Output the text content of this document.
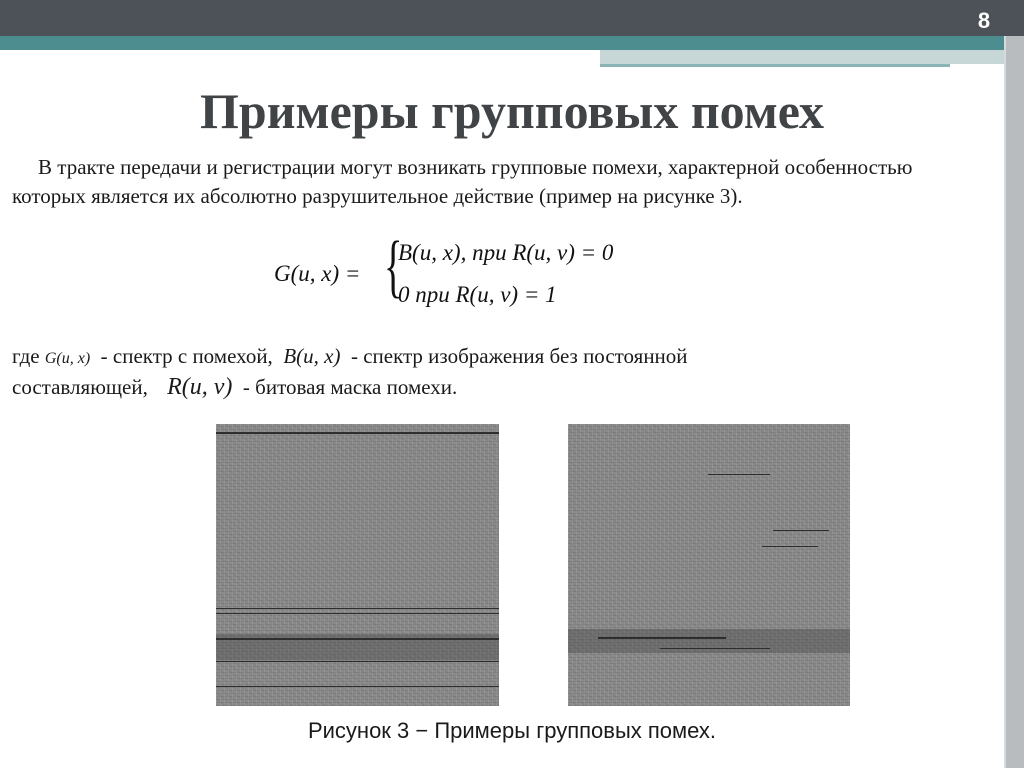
8
Примеры групповых помех

В тракте передачи и регистрации могут возникать групповые помехи, характерной особенностью которых является их абсолютно разрушительное действие (пример на рисунке 3).

G(u, x) = {
B(u, x), при R(u, v) = 0
0 при R(u, v) = 1
где G(u, x)  - спектр с помехой,  B(u, x)  - спектр изображения без постоянной
составляющей, R(u, v)  - битовая маска помехи.
Рисунок 3 − Примеры групповых помех.
